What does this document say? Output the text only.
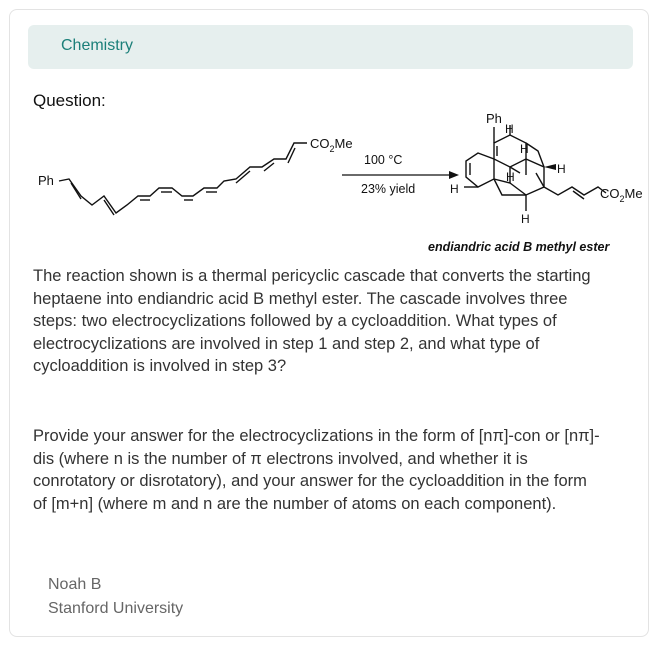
Chemistry
Question:
Ph
$CO_2Me$
100 °C
23% yield
Ph
H
H
H
H
H
H
$CO_2Me$
endiandric acid B methyl ester
The reaction shown is a thermal pericyclic cascade that converts the starting heptaene into endiandric acid B methyl ester. The cascade involves three steps: two electrocyclizations followed by a cycloaddition. What types of electrocyclizations are involved in step 1 and step 2, and what type of cycloaddition is involved in step 3?
Provide your answer for the electrocyclizations in the form of [nπ]-con or [nπ]-dis (where n is the number of π electrons involved, and whether it is conrotatory or disrotatory), and your answer for the cycloaddition in the form of [m+n] (where m and n are the number of atoms on each component).
Noah B
Stanford University
